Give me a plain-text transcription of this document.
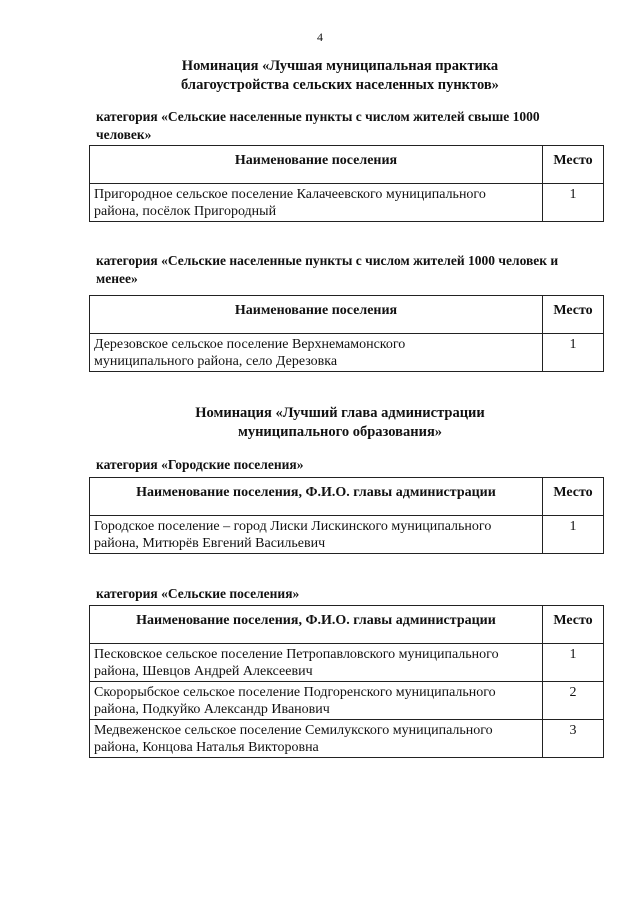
4
Номинация «Лучшая муниципальная практика
благоустройства сельских населенных пунктов»
категория «Сельские населенные пункты с числом жителей свыше 1000
человек»
Наименование поселения	Место

Пригородное сельское поселение Калачеевского муниципального
района, посёлок Пригородный	1
категория «Сельские населенные пункты с числом жителей 1000 человек и
менее»
Наименование поселения	Место

Дерезовское сельское поселение Верхнемамонского
муниципального района, село Дерезовка	1
Номинация «Лучший глава администрации
муниципального образования»
категория «Городские поселения»
Наименование поселения, Ф.И.О. главы администрации	Место

Городское поселение – город Лиски Лискинского муниципального
района, Митюрёв Евгений Васильевич	1
категория «Сельские поселения»
Наименование поселения, Ф.И.О. главы администрации	Место

Песковское сельское поселение Петропавловского муниципального
района, Шевцов Андрей Алексеевич	1

Скорорыбское сельское поселение Подгоренского муниципального
района, Подкуйко Александр Иванович	2

Медвеженское сельское поселение Семилукского муниципального
района, Концова Наталья Викторовна	3
